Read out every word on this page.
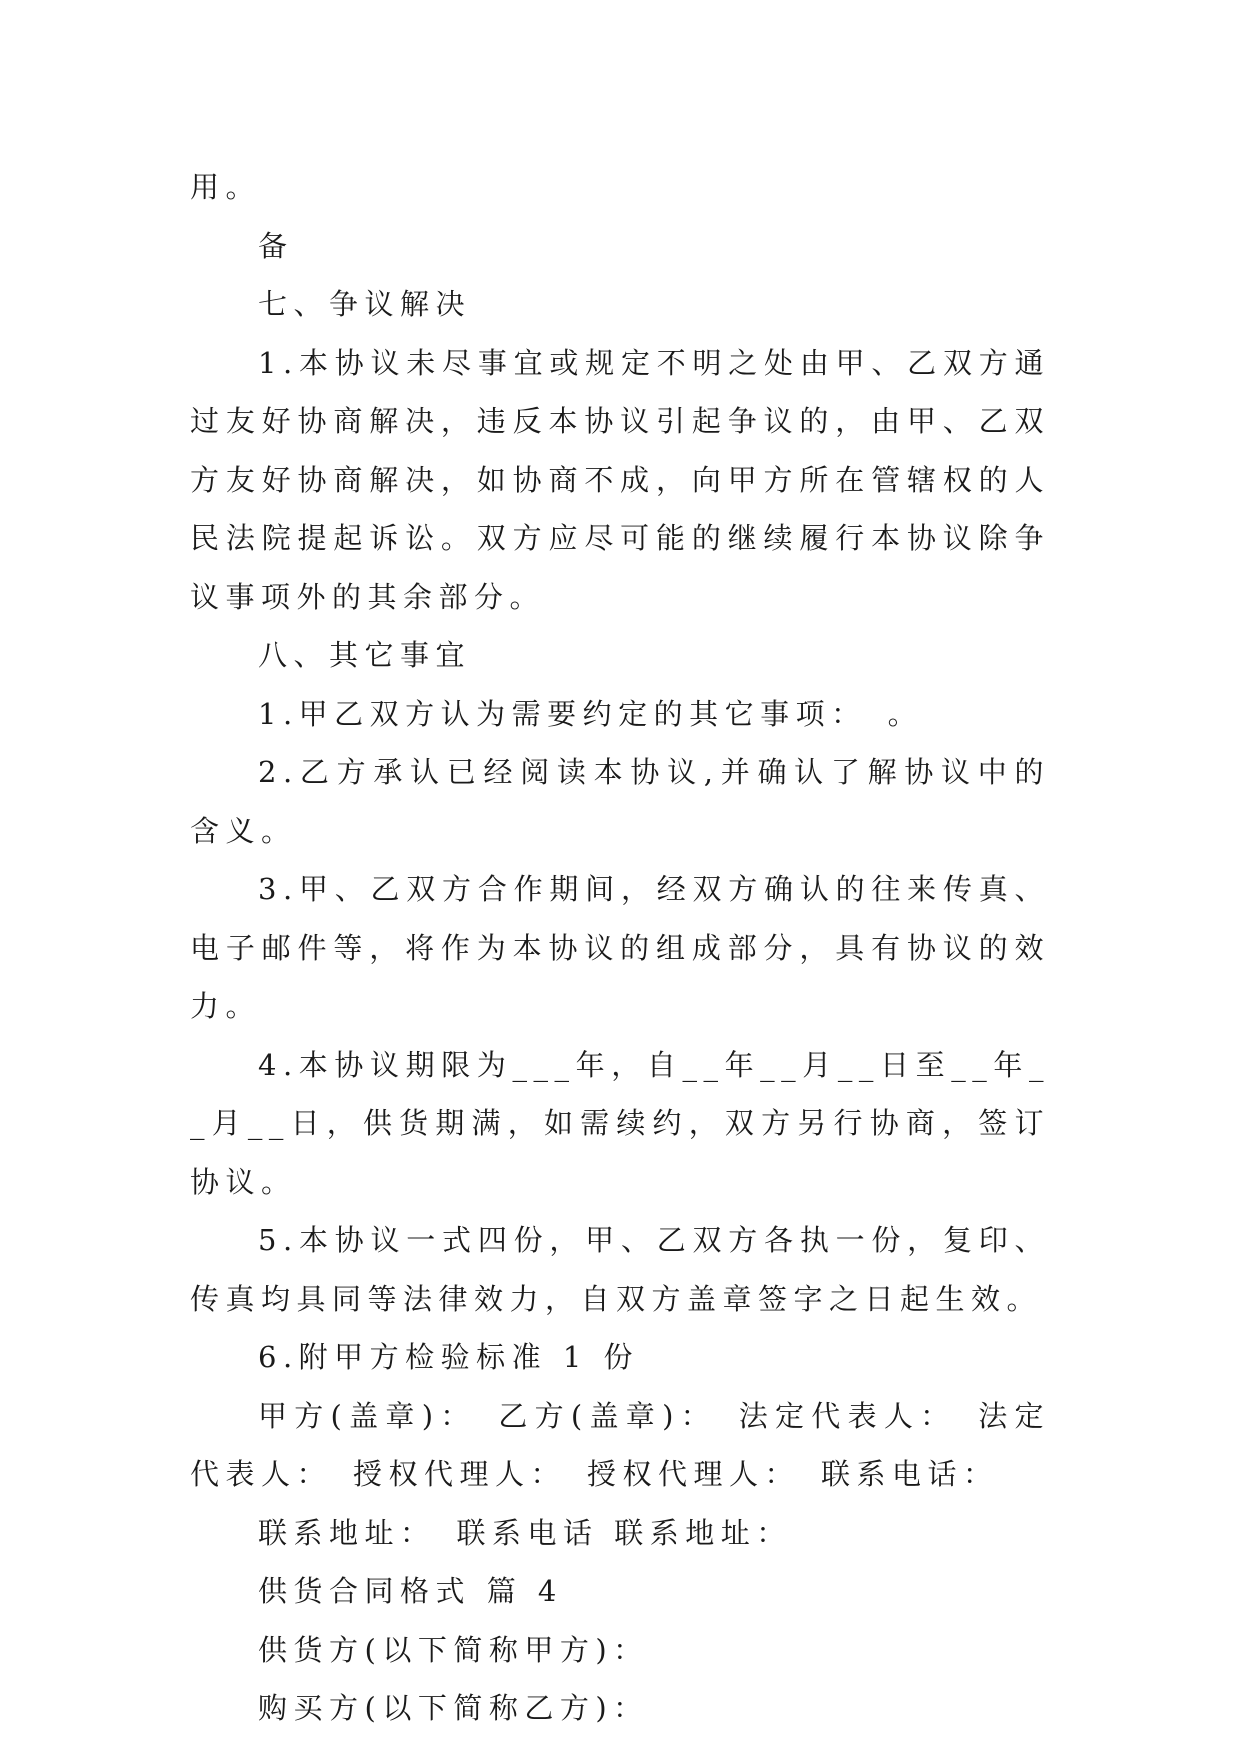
用。

备

七、争议解决

1.本协议未尽事宜或规定不明之处由甲、乙双方通过友好协商解决，违反本协议引起争议的，由甲、乙双方友好协商解决，如协商不成，向甲方所在管辖权的人民法院提起诉讼。双方应尽可能的继续履行本协议除争议事项外的其余部分。

八、其它事宜

1.甲乙双方认为需要约定的其它事项：　。

2.乙方承认已经阅读本协议,并确认了解协议中的含义。

3.甲、乙双方合作期间，经双方确认的往来传真、电子邮件等，将作为本协议的组成部分，具有协议的效力。

4.本协议期限为___年，自__年__月__日至__年__月__日，供货期满，如需续约，双方另行协商，签订协议。

5.本协议一式四份，甲、乙双方各执一份，复印、传真均具同等法律效力，自双方盖章签字之日起生效。

6.附甲方检验标准 1 份

甲方(盖章)：　乙方(盖章)：　法定代表人：　法定代表人：　授权代理人：　授权代理人：　联系电话：

联系地址：　联系电话 联系地址：

供货合同格式 篇 4

供货方(以下简称甲方)：

购买方(以下简称乙方)：
